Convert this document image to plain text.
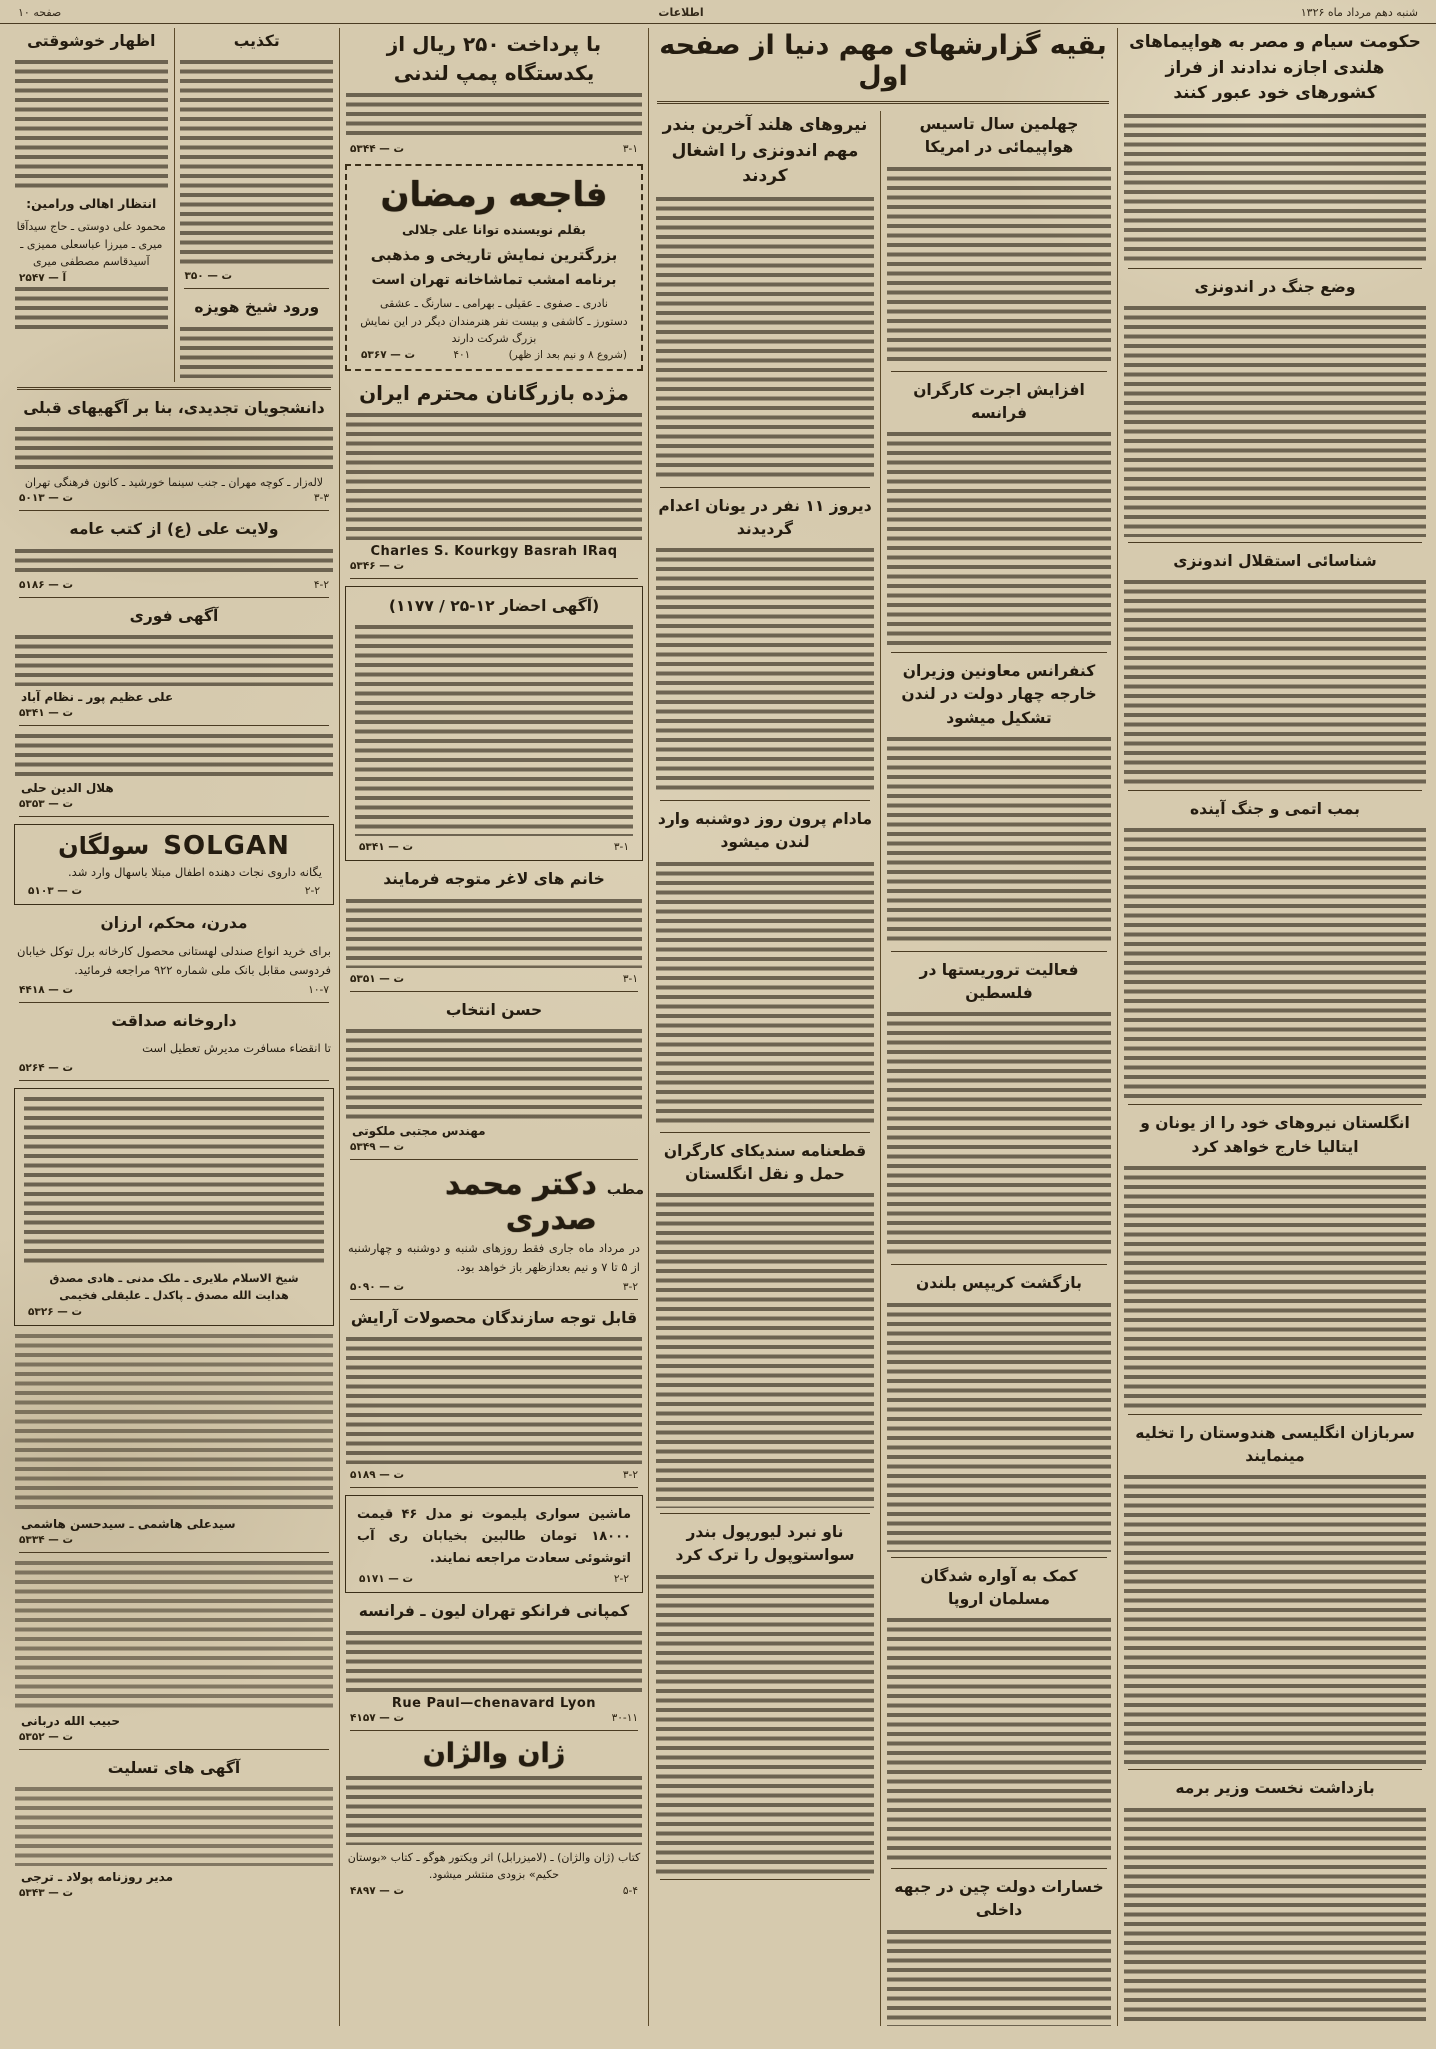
شنبه دهم مرداد ماه ۱۳۲۶
اطلاعات
صفحه ۱۰
حکومت سیام و مصر به هواپیماهای هلندی اجازه ندادند از فراز کشورهای خود عبور کنند
وضع جنگ در اندونزی
شناسائی استقلال اندونزی
بمب اتمی و جنگ آینده
انگلستان نیروهای خود را از یونان و ایتالیا خارج خواهد کرد
سربازان انگلیسی هندوستان را تخلیه مینمایند
بازداشت نخست وزیر برمه
بقیه گزارشهای مهم دنیا از صفحه اول
چهلمین سال تاسیس هواپیمائی در امریکا
افزایش اجرت کارگران فرانسه
کنفرانس معاونین وزیران خارجه چهار دولت در لندن تشکیل میشود
فعالیت تروریستها در فلسطین
بازگشت کریپس بلندن
کمک به آواره شدگان مسلمان اروپا
خسارات دولت چین در جبهه داخلی
نیروهای هلند آخرین بندر مهم اندونزی را اشغال کردند
دیروز ۱۱ نفر در یونان اعدام گردیدند
مادام پرون روز دوشنبه وارد لندن میشود
قطعنامه سندیکای کارگران حمل و نقل انگلستان
ناو نبرد لیورپول بندر سواستوپول را ترک کرد
با پرداخت ۲۵۰ ریال از یکدستگاه پمپ لندنی
۳-۱
ت — ۵۳۴۴
فاجعه رمضان
بقلم نویسنده توانا علی جلالی
بزرگترین نمایش تاریخی و مذهبی
برنامه امشب تماشاخانه تهران است
نادری ـ صفوی ـ عقیلی ـ بهرامی ـ سارنگ ـ عشقی
دستورز ـ کاشفی و بیست نفر هنرمندان دیگر در این نمایش بزرگ شرکت دارند
(شروع ۸ و نیم بعد از ظهر)
۴۰۱
ت — ۵۳۶۷
مژده بازرگانان محترم ایران
Charles S. Kourkgy Basrah IRaq
ت — ۵۳۴۶
(آگهی احضار ۱۲-۲۵ / ۱۱۷۷)
۳-۱
ت — ۵۳۴۱
خانم های لاغر متوجه فرمایند
۳-۱
ت — ۵۳۵۱
حسن انتخاب
مهندس مجتبی ملکوتی
ت — ۵۳۴۹
مطب
دکتر محمد صدری

در مرداد ماه جاری فقط روزهای شنبه و دوشنبه و چهارشنبه از ۵ تا ۷ و نیم بعدازظهر باز خواهد بود.

۳-۲
ت — ۵۰۹۰
قابل توجه سازندگان محصولات آرایش
۳-۲
ت — ۵۱۸۹

ماشین سواری پلیموت نو مدل ۴۶ قیمت ۱۸۰۰۰ تومان طالبین بخیابان ری آب اتوشوئی سعادت مراجعه نمایند.

۲-۲
ت — ۵۱۷۱
کمپانی فرانکو تهران لیون ـ فرانسه
Rue Paul—chenavard Lyon
۳۰-۱۱
ت — ۴۱۵۷
ژان والژان
کتاب (ژان والژان) ـ (لامیزرابل) اثر ویکتور هوگو ـ کتاب «بوستان حکیم» بزودی منتشر میشود.
۵-۴
ت — ۴۸۹۷
تکذیب
ت — ۳۵۰
ورود شیخ هویزه
اظهار خوشوقتی
انتظار اهالی ورامین:
محمود علی دوستی ـ حاج سیدآقا میری ـ میرزا عباسعلی ممیزی ـ آسیدقاسم مصطفی میری
آ — ۲۵۴۷
دانشجویان تجدیدی، بنا بر آگهیهای قبلی
لاله‌زار ـ کوچه مهران ـ جنب سینما خورشید ـ کانون فرهنگی تهران
۳-۳
ت — ۵۰۱۳
ولایت علی (ع) از کتب عامه
۴-۲
ت — ۵۱۸۶
آگهی فوری
علی عظیم پور ـ نظام آباد
ت — ۵۳۴۱
هلال الدین حلی
ت — ۵۳۵۳
SOLGAN
سولگان

یگانه داروی نجات دهنده اطفال مبتلا باسهال وارد شد.

۲-۲
ت — ۵۱۰۳
مدرن، محکم، ارزان

برای خرید انواع صندلی لهستانی محصول کارخانه برل توکل خیابان فردوسی مقابل بانک ملی شماره ۹۲۲ مراجعه فرمائید.

۱۰-۷
ت — ۴۴۱۸
داروخانه صداقت

تا انقضاء مسافرت مدیرش تعطیل است

ت — ۵۲۶۴
شیخ الاسلام ملایری ـ ملک مدنی ـ هادی مصدق
هدایت الله مصدق ـ پاکدل ـ علیقلی فخیمی
ت — ۵۳۲۶
سیدعلی هاشمی ـ سیدحسن هاشمی
ت — ۵۳۳۴
حبیب الله دربانی
ت — ۵۳۵۲
آگهی های تسلیت
مدیر روزنامه پولاد ـ ترجی
ت — ۵۳۴۳
